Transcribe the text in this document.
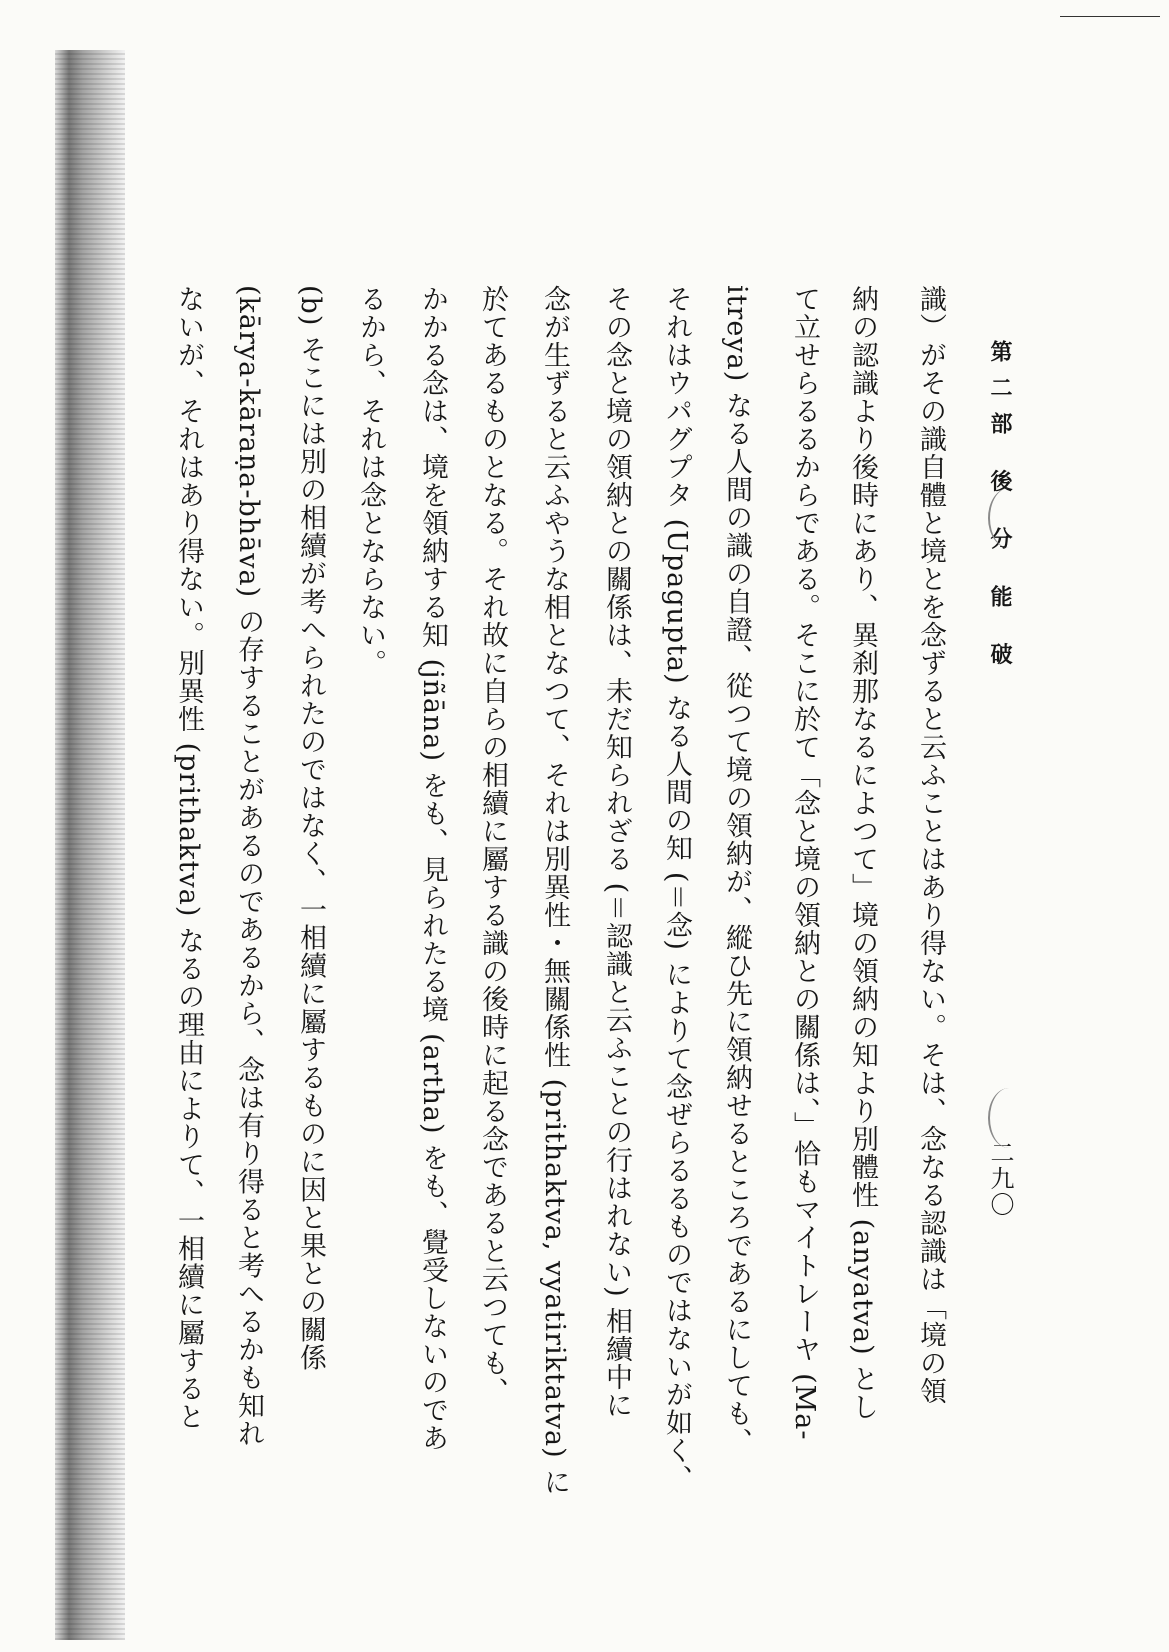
第二部 後 分 能 破
二九〇
識）がその識自體と境とを念ずると云ふことはあり得ない。そは、念なる認識は「境の領
納の認識より後時にあり、異刹那なるによつて」境の領納の知より別體性 (anyatva) とし
て立せらるるからである。そこに於て「念と境の領納との關係は、」恰もマイトレーヤ (Ma-
itreya) なる人間の識の自證、從つて境の領納が、縱ひ先に領納せるところであるにしても、
それはウパグプタ (Upagupta) なる人間の知 (＝念) によりて念ぜらるるものではないが如く、
その念と境の領納との關係は、未だ知られざる (＝認識と云ふことの行はれない) 相續中に
念が生ずると云ふやうな相となつて、それは別異性・無關係性 (prithaktva, vyatiriktatva) に
於てあるものとなる。それ故に自らの相續に屬する識の後時に起る念であると云つても、
かかる念は、境を領納する知 (jñāna) をも、見られたる境 (artha) をも、覺受しないのであ
るから、それは念とならない。
(b) そこには別の相續が考へられたのではなく、一相續に屬するものに因と果との關係
(kārya-kāraṇa-bhāva) の存することがあるのであるから、念は有り得ると考へるかも知れ
ないが、それはあり得ない。別異性 (prithaktva) なるの理由によりて、一相續に屬すると
